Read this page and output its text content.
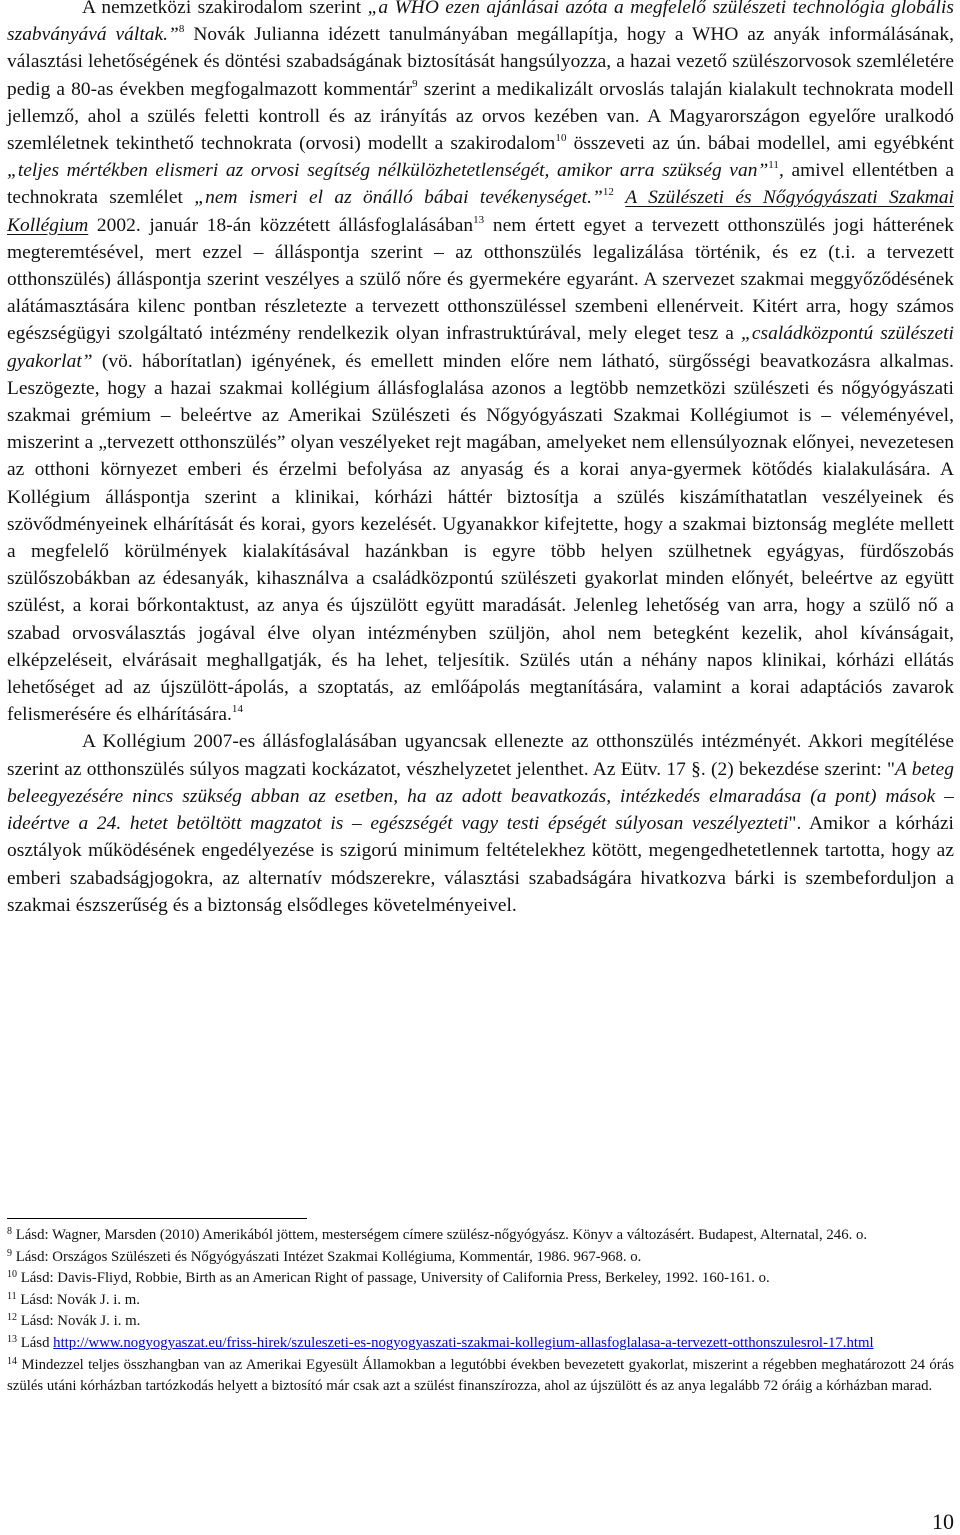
A nemzetközi szakirodalom szerint „a WHO ezen ajánlásai azóta a megfelelő szülészeti technológia globális szabványává váltak.”$^8$ Novák Julianna idézett tanulmányában megállapítja, hogy a WHO az anyák informálásának, választási lehetőségének és döntési szabadságának biztosítását hangsúlyozza, a hazai vezető szülészorvosok szemléletére pedig a 80-as években megfogalmazott kommentár$^9$ szerint a medikalizált orvoslás talaján kialakult technokrata modell jellemző, ahol a szülés feletti kontroll és az irányítás az orvos kezében van. A Magyarországon egyelőre uralkodó szemléletnek tekinthető technokrata (orvosi) modellt a szakirodalom$^{10}$ összeveti az ún. bábai modellel, ami egyébként „teljes mértékben elismeri az orvosi segítség nélkülözhetetlenségét, amikor arra szükség van”$^{11}$, amivel ellentétben a technokrata szemlélet „nem ismeri el az önálló bábai tevékenységet.”$^{12}$ A Szülészeti és Nőgyógyászati Szakmai Kollégium 2002. január 18-án közzétett állásfoglalásában$^{13}$ nem értett egyet a tervezett otthonszülés jogi hátterének megteremtésével, mert ezzel – álláspontja szerint – az otthonszülés legalizálása történik, és ez (t.i. a tervezett otthonszülés) álláspontja szerint veszélyes a szülő nőre és gyermekére egyaránt. A szervezet szakmai meggyőződésének alátámasztására kilenc pontban részletezte a tervezett otthonszüléssel szembeni ellenérveit. Kitért arra, hogy számos egészségügyi szolgáltató intézmény rendelkezik olyan infrastruktúrával, mely eleget tesz a „családközpontú szülészeti gyakorlat” (vö. háborítatlan) igényének, és emellett minden előre nem látható, sürgősségi beavatkozásra alkalmas. Leszögezte, hogy a hazai szakmai kollégium állásfoglalása azonos a legtöbb nemzetközi szülészeti és nőgyógyászati szakmai grémium – beleértve az Amerikai Szülészeti és Nőgyógyászati Szakmai Kollégiumot is – véleményével, miszerint a „tervezett otthonszülés” olyan veszélyeket rejt magában, amelyeket nem ellensúlyoznak előnyei, nevezetesen az otthoni környezet emberi és érzelmi befolyása az anyaság és a korai anya-gyermek kötődés kialakulására. A Kollégium álláspontja szerint a klinikai, kórházi háttér biztosítja a szülés kiszámíthatatlan veszélyeinek és szövődményeinek elhárítását és korai, gyors kezelését. Ugyanakkor kifejtette, hogy a szakmai biztonság megléte mellett a megfelelő körülmények kialakításával hazánkban is egyre több helyen szülhetnek egyágyas, fürdőszobás szülőszobákban az édesanyák, kihasználva a családközpontú szülészeti gyakorlat minden előnyét, beleértve az együtt szülést, a korai bőrkontaktust, az anya és újszülött együtt maradását. Jelenleg lehetőség van arra, hogy a szülő nő a szabad orvosválasztás jogával élve olyan intézményben szüljön, ahol nem betegként kezelik, ahol kívánságait, elképzeléseit, elvárásait meghallgatják, és ha lehet, teljesítik. Szülés után a néhány napos klinikai, kórházi ellátás lehetőséget ad az újszülött-ápolás, a szoptatás, az emlőápolás megtanítására, valamint a korai adaptációs zavarok felismerésére és elhárítására.$^{14}$

A Kollégium 2007-es állásfoglalásában ugyancsak ellenezte az otthonszülés intézményét. Akkori megítélése szerint az otthonszülés súlyos magzati kockázatot, vészhelyzetet jelenthet. Az Eütv. 17 §. (2) bekezdése szerint: "A beteg beleegyezésére nincs szükség abban az esetben, ha az adott beavatkozás, intézkedés elmaradása (a pont) mások – ideértve a 24. hetet betöltött magzatot is – egészségét vagy testi épségét súlyosan veszélyezteti". Amikor a kórházi osztályok működésének engedélyezése is szigorú minimum feltételekhez kötött, megengedhetetlennek tartotta, hogy az emberi szabadságjogokra, az alternatív módszerekre, választási szabadságára hivatkozva bárki is szembeforduljon a szakmai észszerűség és a biztonság elsődleges követelményeivel.

$^8$ Lásd: Wagner, Marsden (2010) Amerikából jöttem, mesterségem címere szülész-nőgyógyász. Könyv a változásért. Budapest, Alternatal, 246. o.

$^9$ Lásd: Országos Szülészeti és Nőgyógyászati Intézet Szakmai Kollégiuma, Kommentár, 1986. 967-968. o.

$^{10}$ Lásd: Davis-Fliyd, Robbie, Birth as an American Right of passage, University of California Press, Berkeley, 1992. 160-161. o.

$^{11}$ Lásd: Novák J. i. m.

$^{12}$ Lásd: Novák J. i. m.

$^{13}$ Lásd http://www.nogyogyaszat.eu/friss-hirek/szuleszeti-es-nogyogyaszati-szakmai-kollegium-allasfoglalasa-a-tervezett-otthonszulesrol-17.html

$^{14}$ Mindezzel teljes összhangban van az Amerikai Egyesült Államokban a legutóbbi években bevezetett gyakorlat, miszerint a régebben meghatározott 24 órás szülés utáni kórházban tartózkodás helyett a biztosító már csak azt a szülést finanszírozza, ahol az újszülött és az anya legalább 72 óráig a kórházban marad.

10
